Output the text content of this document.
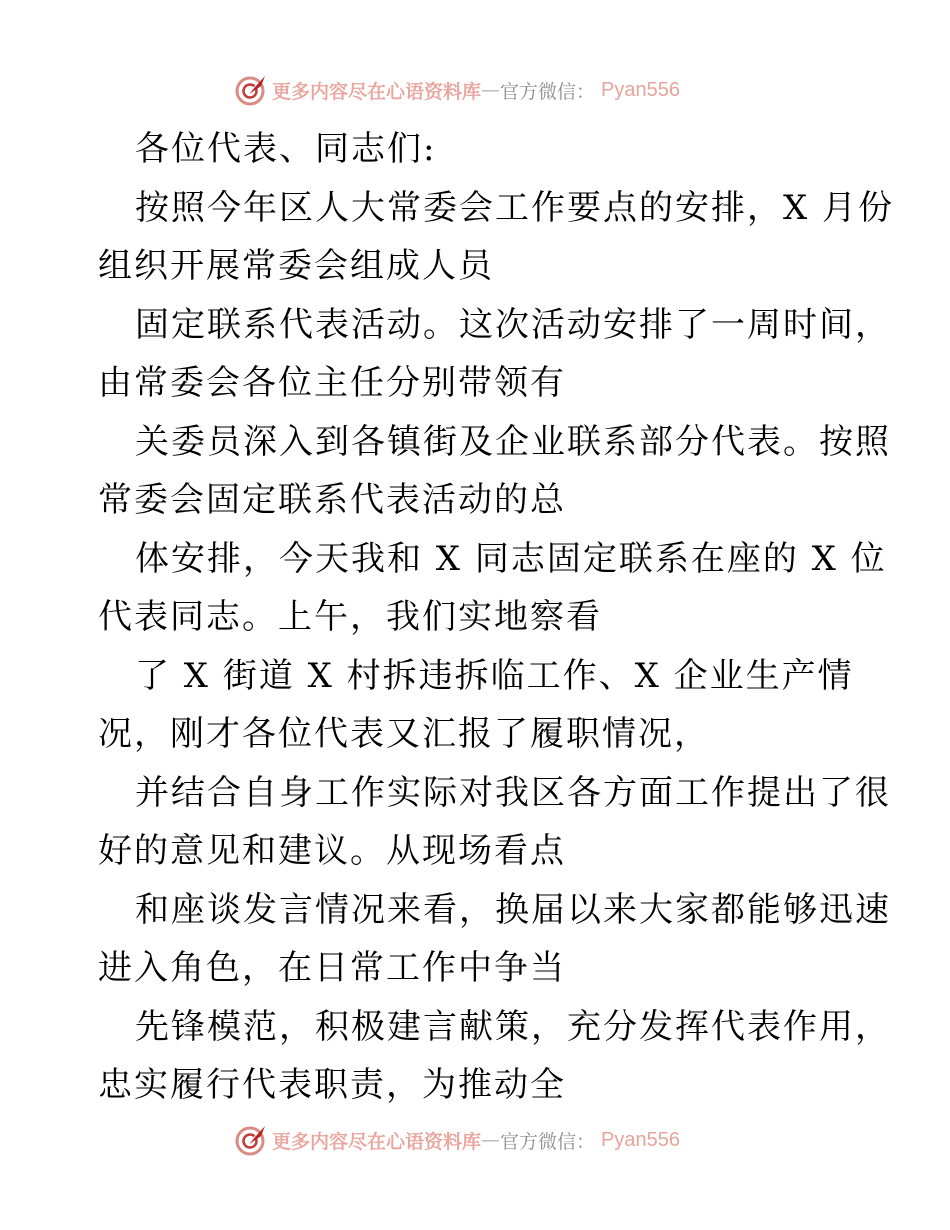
更多内容尽在心语资料库 — 官方微信 ： Pyan556

各位代表、同志们:

按照今年区人大常委会工作要点的安排，X 月份
组织开展常委会组成人员

固定联系代表活动。这次活动安排了一周时间，
由常委会各位主任分别带领有

关委员深入到各镇街及企业联系部分代表。按照
常委会固定联系代表活动的总

体安排，今天我和 X 同志固定联系在座的 X 位
代表同志。上午，我们实地察看

了 X 街道 X 村拆违拆临工作、X 企业生产情
况，刚才各位代表又汇报了履职情况，

并结合自身工作实际对我区各方面工作提出了很
好的意见和建议。从现场看点

和座谈发言情况来看，换届以来大家都能够迅速
进入角色，在日常工作中争当

先锋模范，积极建言献策，充分发挥代表作用，
忠实履行代表职责，为推动全

更多内容尽在心语资料库 — 官方微信 ： Pyan556
